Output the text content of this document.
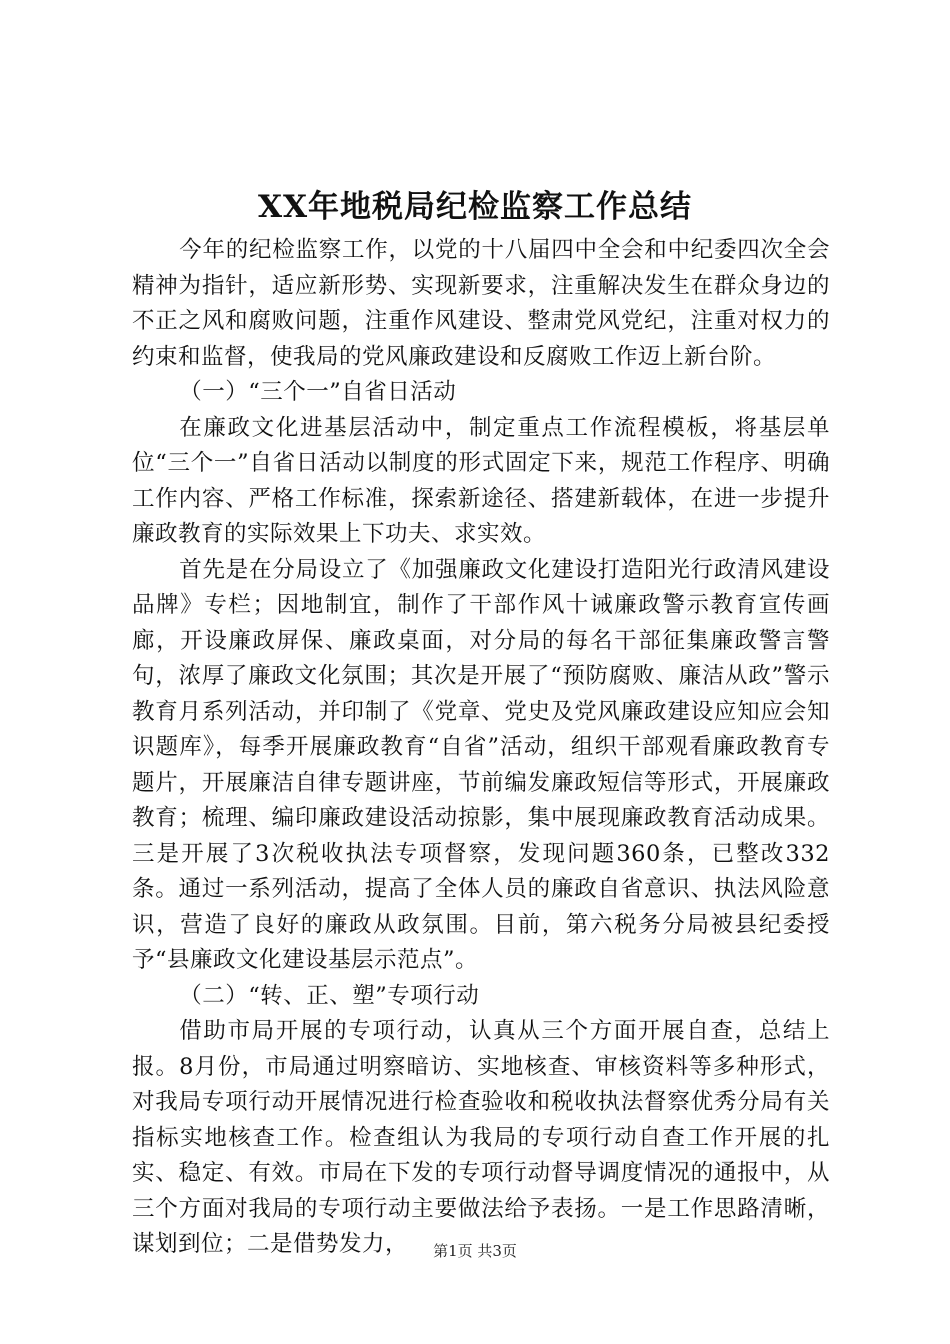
XX年地税局纪检监察工作总结

今年的纪检监察工作，以党的十八届四中全会和中纪委四次全会精神为指针，适应新形势、实现新要求，注重解决发生在群众身边的不正之风和腐败问题，注重作风建设、整肃党风党纪，注重对权力的约束和监督，使我局的党风廉政建设和反腐败工作迈上新台阶。

（一）“三个一”自省日活动

在廉政文化进基层活动中，制定重点工作流程模板，将基层单位“三个一”自省日活动以制度的形式固定下来，规范工作程序、明确工作内容、严格工作标准，探索新途径、搭建新载体，在进一步提升廉政教育的实际效果上下功夫、求实效。

首先是在分局设立了《加强廉政文化建设打造阳光行政清风建设品牌》专栏；因地制宜，制作了干部作风十诫廉政警示教育宣传画廊，开设廉政屏保、廉政桌面，对分局的每名干部征集廉政警言警句，浓厚了廉政文化氛围；其次是开展了“预防腐败、廉洁从政”警示教育月系列活动，并印制了《党章、党史及党风廉政建设应知应会知识题库》，每季开展廉政教育“自省”活动，组织干部观看廉政教育专题片，开展廉洁自律专题讲座，节前编发廉政短信等形式，开展廉政教育；梳理、编印廉政建设活动掠影，集中展现廉政教育活动成果。三是开展了3次税收执法专项督察，发现问题360条，已整改332条。通过一系列活动，提高了全体人员的廉政自省意识、执法风险意识，营造了良好的廉政从政氛围。目前，第六税务分局被县纪委授予“县廉政文化建设基层示范点”。

（二）“转、正、塑”专项行动

借助市局开展的专项行动，认真从三个方面开展自查，总结上报。8月份，市局通过明察暗访、实地核查、审核资料等多种形式，对我局专项行动开展情况进行检查验收和税收执法督察优秀分局有关指标实地核查工作。检查组认为我局的专项行动自查工作开展的扎实、稳定、有效。市局在下发的专项行动督导调度情况的通报中，从三个方面对我局的专项行动主要做法给予表扬。一是工作思路清晰，谋划到位；二是借势发力，	第1页 共3页
